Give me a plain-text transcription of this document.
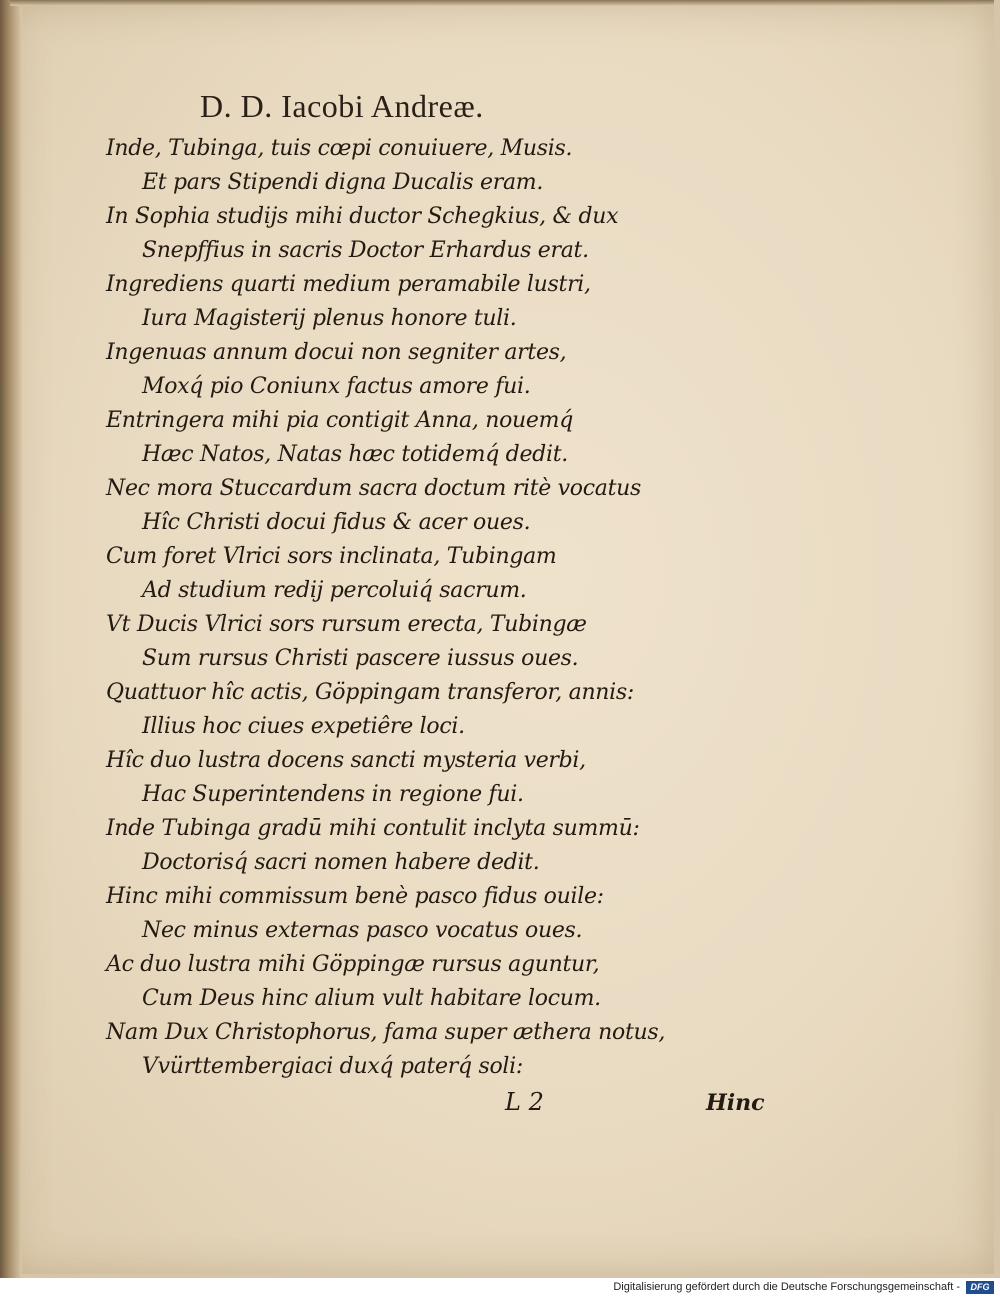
D. D. Iacobi Andreæ.
Inde, Tubinga, tuis cœpi conuiuere, Musis.
Et pars Stipendi digna Ducalis eram.
In Sophia studijs mihi ductor Schegkius, & dux
Snepffius in sacris Doctor Erhardus erat.
Ingrediens quarti medium peramabile lustri,
Iura Magisterij plenus honore tuli.
Ingenuas annum docui non segniter artes,
Moxq́ pio Coniunx factus amore fui.
Entringera mihi pia contigit Anna, nouemq́
Hæc Natos, Natas hæc totidemq́ dedit.
Nec mora Stuccardum sacra doctum ritè vocatus
Hîc Christi docui fidus & acer oues.
Cum foret Vlrici sors inclinata, Tubingam
Ad studium redij percoluiq́ sacrum.
Vt Ducis Vlrici sors rursum erecta, Tubingæ
Sum rursus Christi pascere iussus oues.
Quattuor hîc actis, Göppingam transferor, annis:
Illius hoc ciues expetiêre loci.
Hîc duo lustra docens sancti mysteria verbi,
Hac Superintendens in regione fui.
Inde Tubinga gradū mihi contulit inclyta summū:
Doctorisq́ sacri nomen habere dedit.
Hinc mihi commissum benè pasco fidus ouile:
Nec minus externas pasco vocatus oues.
Ac duo lustra mihi Göppingæ rursus aguntur,
Cum Deus hinc alium vult habitare locum.
Nam Dux Christophorus, fama super æthera notus,
Vvürttembergiaci duxq́ paterq́ soli:
L 2	Hinc
Digitalisierung gefördert durch die Deutsche Forschungsgemeinschaft -	DFG
